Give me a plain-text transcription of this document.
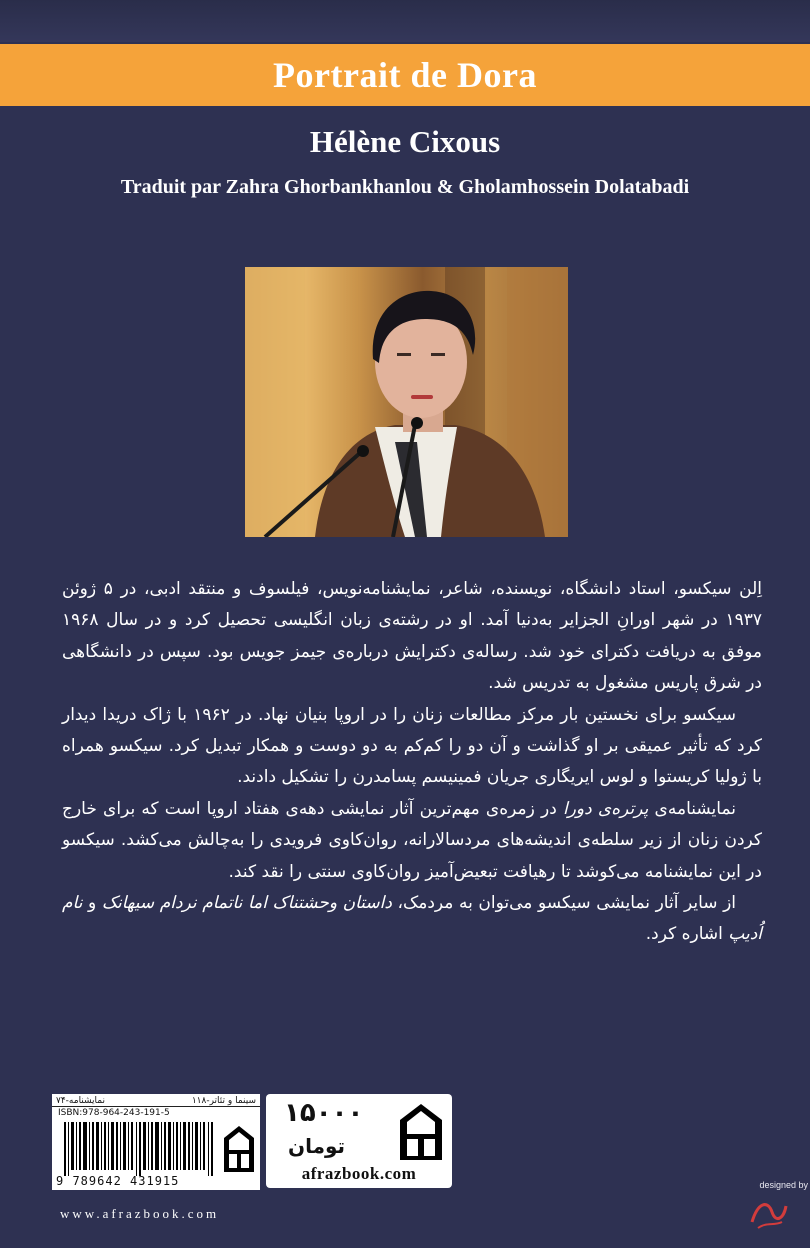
Portrait de Dora
Hélène Cixous
Traduit par Zahra Ghorbankhanlou & Gholamhossein Dolatabadi

اِلن سیکسو، استاد دانشگاه، نویسنده، شاعر، نمایشنامه‌نویس، فیلسوف و منتقد ادبی، در ۵ ژوئن ۱۹۳۷ در شهر اورانِ الجزایر به‌دنیا آمد. او در رشته‌ی زبان انگلیسی تحصیل کرد و در سال ۱۹۶۸ موفق به دریافت دکترای خود شد. رساله‌ی دکترایش درباره‌ی جیمز جویس بود. سپس در دانشگاهی در شرق پاریس مشغول به تدریس شد.

سیکسو برای نخستین بار مرکز مطالعات زنان را در اروپا بنیان نهاد. در ۱۹۶۲ با ژاک دریدا دیدار کرد که تأثیر عمیقی بر او گذاشت و آن دو را کم‌کم به دو دوست و همکار تبدیل کرد. سیکسو همراه با ژولیا کریستوا و لوس ایریگاری جریان فمینیسم پسامدرن را تشکیل دادند.

نمایشنامه‌ی پرتره‌ی دورا در زمره‌ی مهم‌ترین آثار نمایشی دهه‌ی هفتاد اروپا است که برای خارج کردن زنان از زیر سلطه‌ی اندیشه‌های مردسالارانه، روان‌کاوی فرویدی را به‌چالش می‌کشد. سیکسو در این نمایشنامه می‌کوشد تا رهیافت تبعیض‌آمیز روان‌کاوی سنتی را نقد کند.

از سایر آثار نمایشی سیکسو می‌توان به مردمک، داستان وحشتناک اما ناتمام نردام سیهانک و نام اُدیپ اشاره کرد.

سینما و تئاتر-۱۱۸
نمایشنامه-۷۴
ISBN:978-964-243-191-5
9 789642 431915
۱۵۰۰۰
تومان
afrazbook.com
www.afrazbook.com
designed by
